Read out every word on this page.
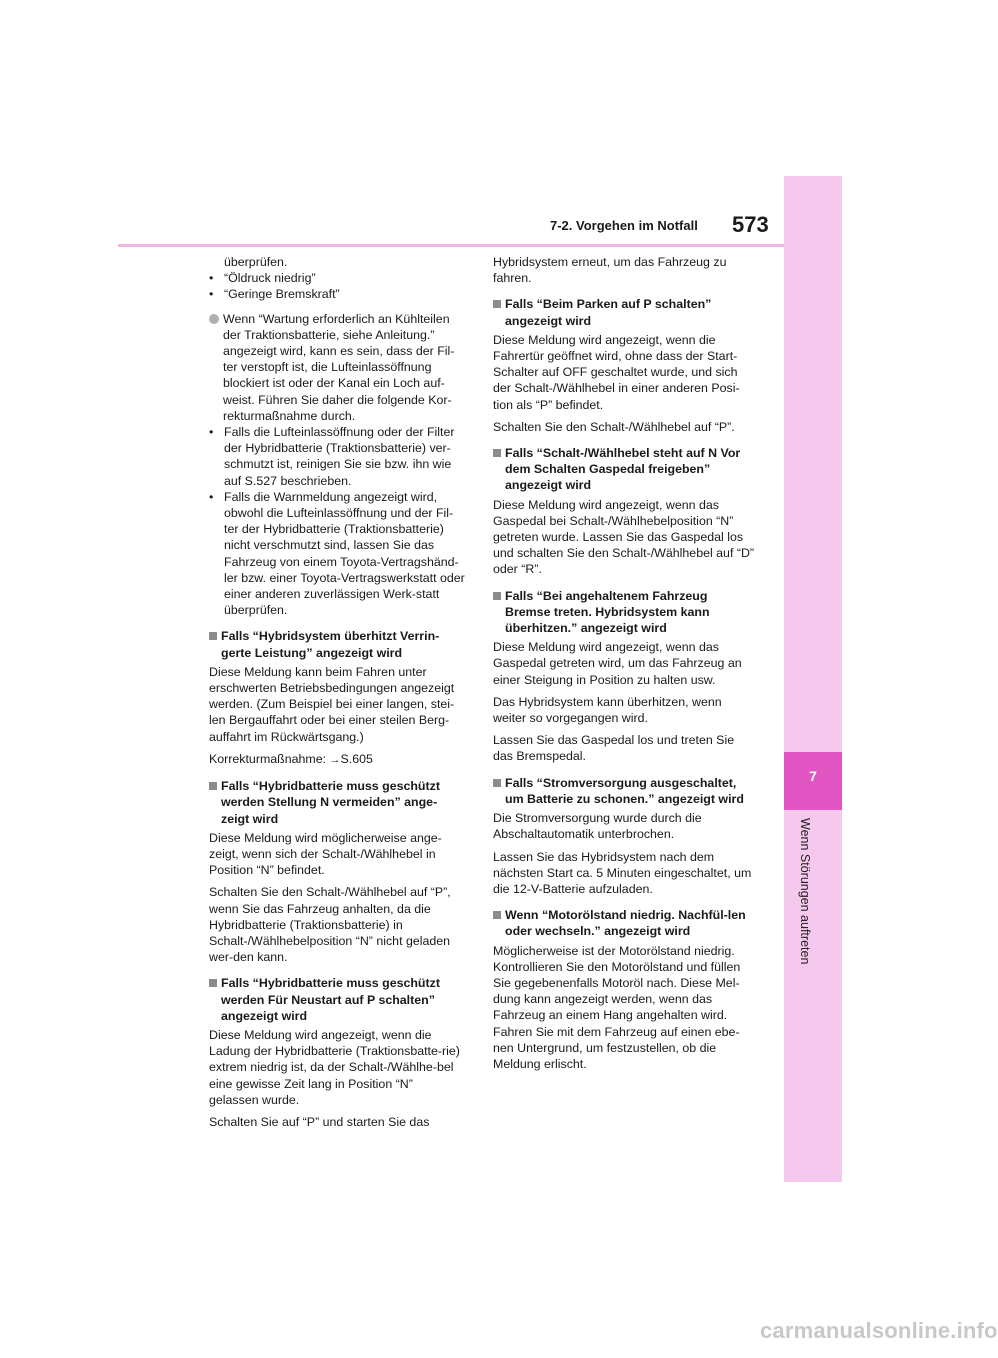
7
Wenn Störungen auftreten
7-2. Vorgehen im Notfall 573

überprüfen.

• “Öldruck niedrig”

• “Geringe Bremskraft”

Wenn “Wartung erforderlich an Kühlteilen der Traktionsbatterie, siehe Anleitung.” angezeigt wird, kann es sein, dass der Fil-ter verstopft ist, die Lufteinlassöffnung blockiert ist oder der Kanal ein Loch auf-weist. Führen Sie daher die folgende Kor-rekturmaßnahme durch.

• Falls die Lufteinlassöffnung oder der Filter der Hybridbatterie (Traktionsbatterie) ver-schmutzt ist, reinigen Sie sie bzw. ihn wie auf S.527 beschrieben.

• Falls die Warnmeldung angezeigt wird, obwohl die Lufteinlassöffnung und der Fil-ter der Hybridbatterie (Traktionsbatterie) nicht verschmutzt sind, lassen Sie das Fahrzeug von einem Toyota-Vertragshänd-ler bzw. einer Toyota-Vertragswerkstatt oder einer anderen zuverlässigen Werk-statt überprüfen.

Falls “Hybridsystem überhitzt Verrin-gerte Leistung” angezeigt wird

Diese Meldung kann beim Fahren unter erschwerten Betriebsbedingungen angezeigt werden. (Zum Beispiel bei einer langen, stei-len Bergauffahrt oder bei einer steilen Berg-auffahrt im Rückwärtsgang.)

Korrekturmaßnahme: →S.605

Falls “Hybridbatterie muss geschützt werden Stellung N vermeiden” ange-zeigt wird

Diese Meldung wird möglicherweise ange-zeigt, wenn sich der Schalt-/Wählhebel in Position “N” befindet.

Schalten Sie den Schalt-/Wählhebel auf “P”, wenn Sie das Fahrzeug anhalten, da die Hybridbatterie (Traktionsbatterie) in Schalt-/Wählhebelposition “N” nicht geladen wer-den kann.

Falls “Hybridbatterie muss geschützt werden Für Neustart auf P schalten” angezeigt wird

Diese Meldung wird angezeigt, wenn die Ladung der Hybridbatterie (Traktionsbatte-rie) extrem niedrig ist, da der Schalt-/Wählhe-bel eine gewisse Zeit lang in Position “N” gelassen wurde.

Schalten Sie auf “P” und starten Sie das

Hybridsystem erneut, um das Fahrzeug zu fahren.

Falls “Beim Parken auf P schalten” angezeigt wird

Diese Meldung wird angezeigt, wenn die Fahrertür geöffnet wird, ohne dass der Start-Schalter auf OFF geschaltet wurde, und sich der Schalt-/Wählhebel in einer anderen Posi-tion als “P” befindet.

Schalten Sie den Schalt-/Wählhebel auf “P”.

Falls “Schalt-/Wählhebel steht auf N Vor dem Schalten Gaspedal freigeben” angezeigt wird

Diese Meldung wird angezeigt, wenn das Gaspedal bei Schalt-/Wählhebelposition “N” getreten wurde. Lassen Sie das Gaspedal los und schalten Sie den Schalt-/Wählhebel auf “D” oder “R”.

Falls “Bei angehaltenem Fahrzeug Bremse treten. Hybridsystem kann überhitzen.” angezeigt wird

Diese Meldung wird angezeigt, wenn das Gaspedal getreten wird, um das Fahrzeug an einer Steigung in Position zu halten usw.

Das Hybridsystem kann überhitzen, wenn weiter so vorgegangen wird.

Lassen Sie das Gaspedal los und treten Sie das Bremspedal.

Falls “Stromversorgung ausgeschaltet, um Batterie zu schonen.” angezeigt wird

Die Stromversorgung wurde durch die Abschaltautomatik unterbrochen.

Lassen Sie das Hybridsystem nach dem nächsten Start ca. 5 Minuten eingeschaltet, um die 12-V-Batterie aufzuladen.

Wenn “Motorölstand niedrig. Nachfül-len oder wechseln.” angezeigt wird

Möglicherweise ist der Motorölstand niedrig. Kontrollieren Sie den Motorölstand und füllen Sie gegebenenfalls Motoröl nach. Diese Mel-dung kann angezeigt werden, wenn das Fahrzeug an einem Hang angehalten wird. Fahren Sie mit dem Fahrzeug auf einen ebe-nen Untergrund, um festzustellen, ob die Meldung erlischt.

carmanualsonline.info
